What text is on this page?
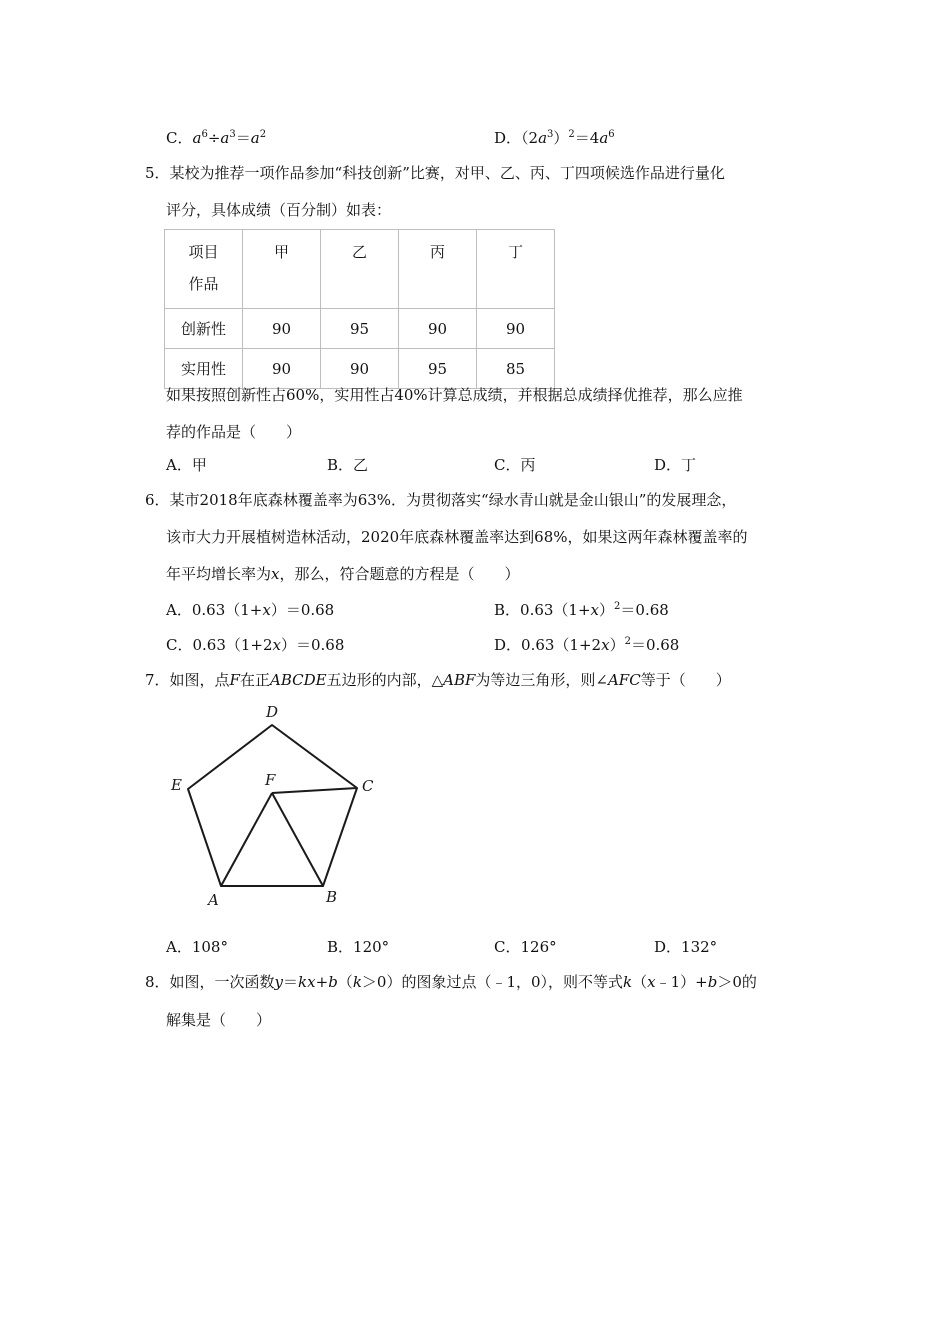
C．$a^6\div a^3=a^2$	D．$(2a^3)^2=4a^6$
5．某校为推荐一项作品参加“科技创新”比赛，对甲、乙、丙、丁四项候选作品进行量化
评分，具体成绩（百分制）如表：
项目
作品	甲	乙	丙	丁
创新性	90	95	90	90
实用性	90	90	95	85
如果按照创新性占60%，实用性占40%计算总成绩，并根据总成绩择优推荐，那么应推
荐的作品是（　　）
A．甲	B．乙	C．丙	D．丁
6．某市2018年底森林覆盖率为63%．为贯彻落实“绿水青山就是金山银山”的发展理念，
该市大力开展植树造林活动，2020年底森林覆盖率达到68%，如果这两年森林覆盖率的
年平均增长率为x，那么，符合题意的方程是（　　）
A．0.63（1+x）＝0.68	B．$0.63(1+x)^2=0.68$
C．0.63（1+2x）＝0.68	D．$0.63(1+2x)^2=0.68$
7．如图，点F在正ABCDE五边形的内部，△ABF为等边三角形，则∠AFC等于（　　）
D
E	F	C
A	B
A．108°	B．120°	C．126°	D．132°
8．如图，一次函数y＝kx+b（k＞0）的图象过点（﹣1，0），则不等式k（x﹣1）+b＞0的
解集是（　　）
